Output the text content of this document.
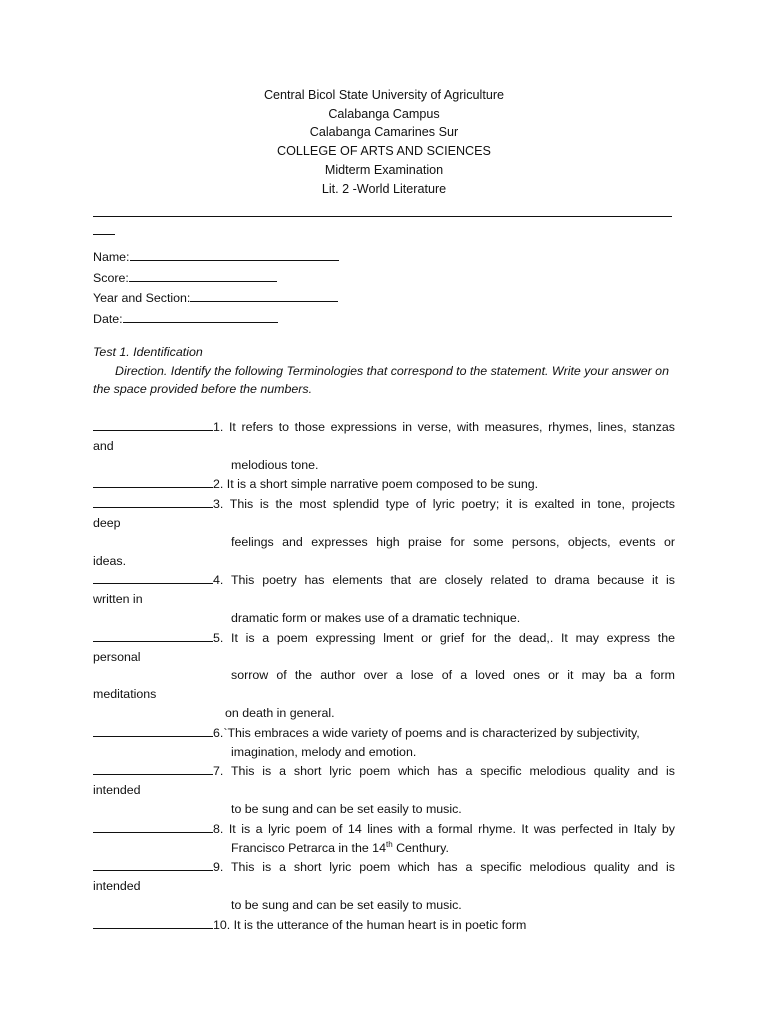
Central Bicol State University of Agriculture
Calabanga Campus
Calabanga Camarines Sur
COLLEGE OF ARTS AND SCIENCES
Midterm Examination
Lit. 2 -World Literature
Name:
Score:
Year and Section:
Date:
Test 1. Identification
Direction. Identify the following Terminologies that correspond to the statement. Write your answer on the space provided before the numbers.
1. It refers to those expressions in verse, with measures, rhymes, lines, stanzas
and
melodious tone.
2. It is a short simple narrative poem composed to be sung.
3. This is the most splendid type of lyric poetry; it is exalted in tone, projects
deep
feelings and expresses high praise for some persons, objects, events or
ideas.
4. This poetry has elements that are closely related to drama because it is
written in
dramatic form or makes use of a dramatic technique.
5. It is a poem expressing lment or grief for the dead,. It may express the
personal
sorrow of the author over a lose of a loved ones or it may ba a form
meditations
on death in general.
6.`This embraces a wide variety of poems and is characterized by subjectivity,
imagination, melody and emotion.
7. This is a short lyric poem which has a specific melodious quality and is
intended
to be sung and can be set easily to music.
8. It is a lyric poem of 14 lines with a formal rhyme. It was perfected in Italy by
Francisco Petrarca in the 14th Centhury.
9. This is a short lyric poem which has a specific melodious quality and is
intended
to be sung and can be set easily to music.
10. It is the utterance of the human heart is in poetic form
